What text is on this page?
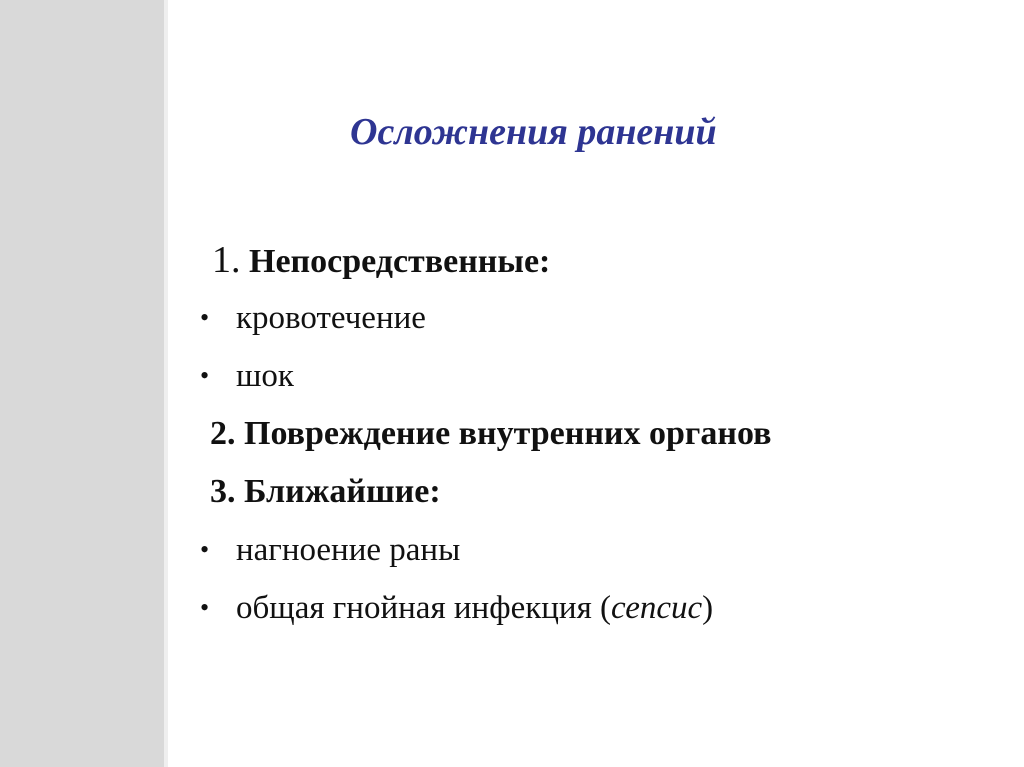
Осложнения ранений
1. Непосредственные:
• кровотечение
• шок
2. Повреждение внутренних органов
3. Ближайшие:
• нагноение раны
• общая гнойная инфекция (сепсис)
